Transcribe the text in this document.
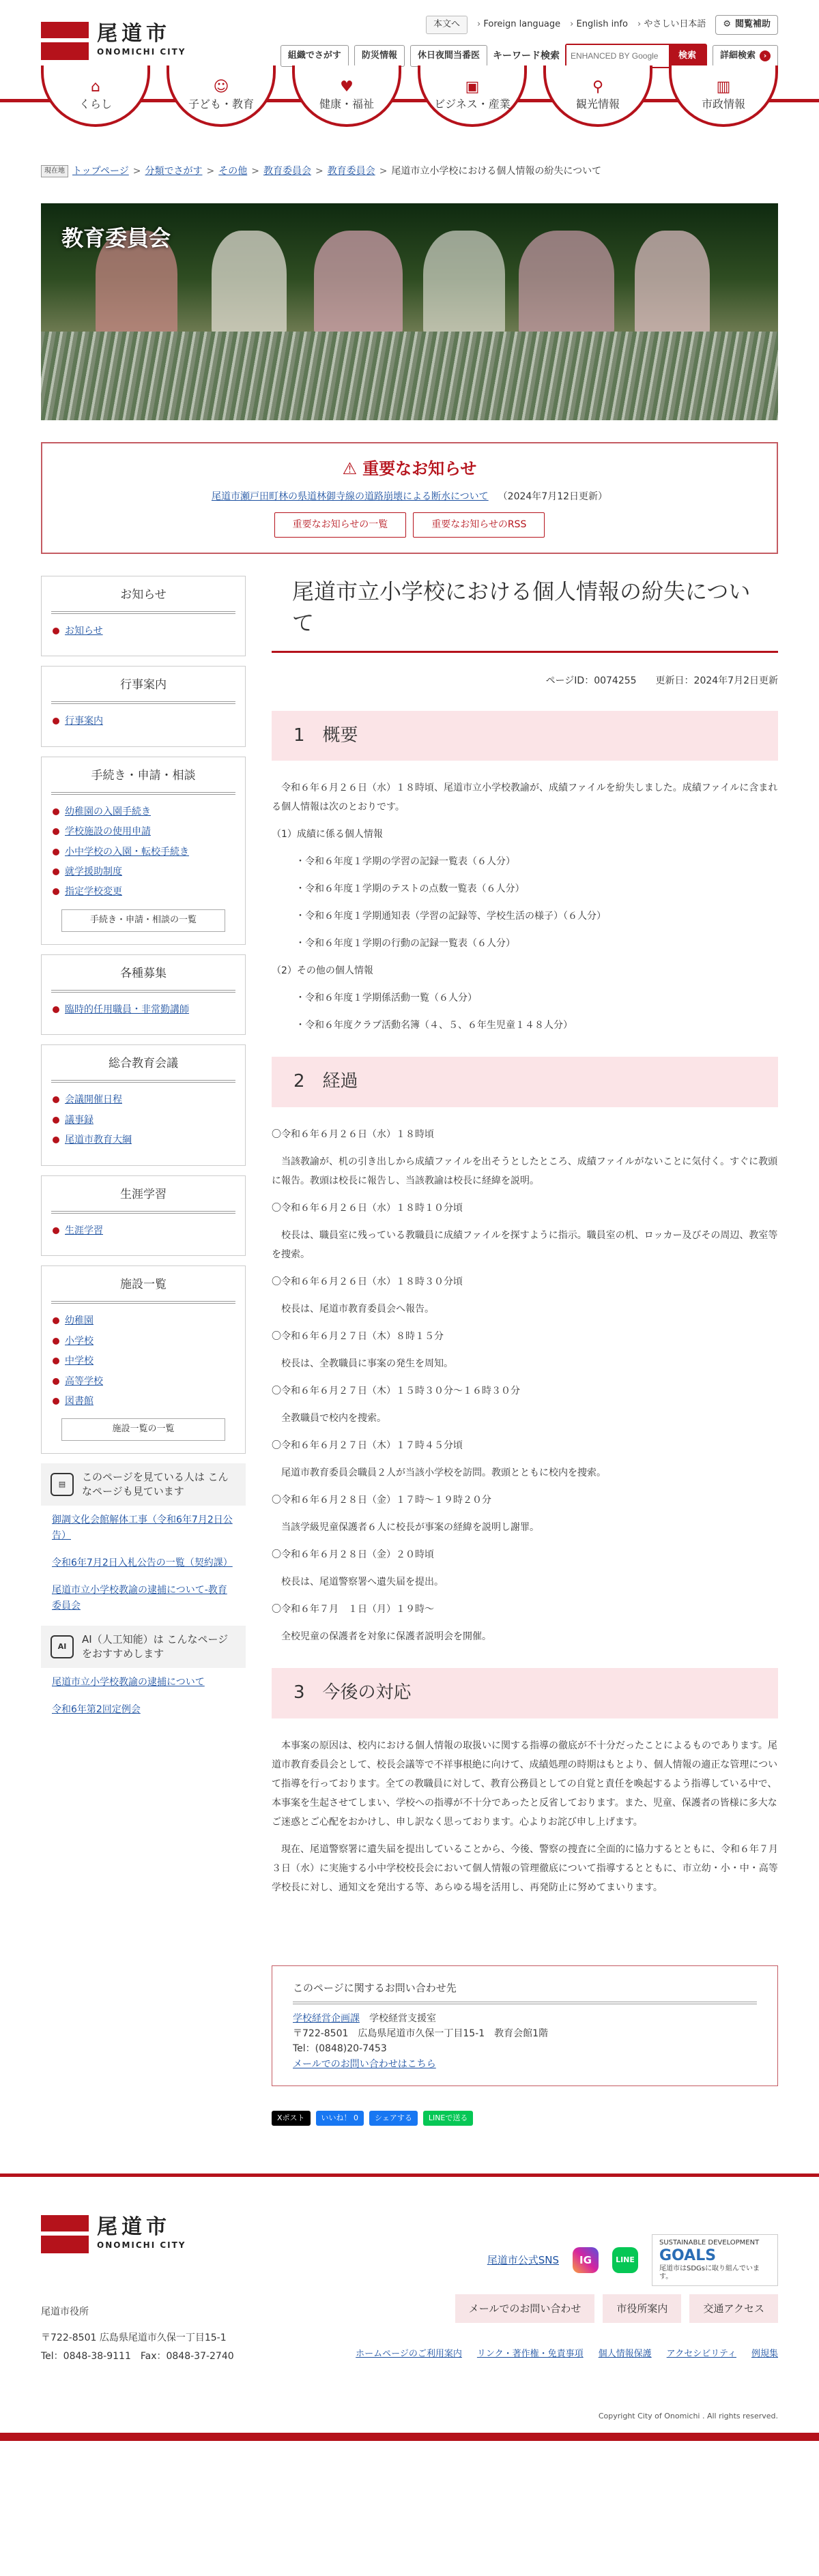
尾道市
ONOMICHI CITY
本文へ	› Foreign language	› English info	› やさしい日本語 ⚙ 閲覧補助
組織でさがす	防災情報	休日夜間当番医	キーワード検索
ENHANCED BY Google	検索	詳細検索	›
⌂
くらし
☺
子ども・教育
♥
健康・福祉
▣
ビジネス・産業
⚲
観光情報
▥
市政情報
現在地 トップページ > 分類でさがす > その他 > 教育委員会 > 教育委員会 > 尾道市立小学校における個人情報の紛失について
教育委員会
⚠ 重要なお知らせ
尾道市瀬戸田町林の県道林御寺線の道路崩壊による断水について （2024年7月12日更新）
重要なお知らせの一覧	重要なお知らせのRSS
お知らせ
お知らせ
行事案内
行事案内
手続き・申請・相談
幼稚園の入園手続き
学校施設の使用申請
小中学校の入園・転校手続き
就学援助制度
指定学校変更
手続き・申請・相談の一覧
各種募集
臨時的任用職員・非常勤講師
総合教育会議
会議開催日程
議事録
尾道市教育大綱
生涯学習
生涯学習
施設一覧
幼稚園
小学校
中学校
高等学校
図書館
施設一覧の一覧
▤
このページを見ている人は こんなページも見ています
御調文化会館解体工事（令和6年7月2日公告）
令和6年7月2日入札公告の一覧（契約課）
尾道市立小学校教諭の逮捕について-教育委員会
AI
AI（人工知能）は こんなページをおすすめします
尾道市立小学校教諭の逮捕について
令和6年第2回定例会
尾道市立小学校における個人情報の紛失について
ページID：0074255　　 更新日：2024年7月2日更新
1　概要

令和６年６月２６日（水）１８時頃、尾道市立小学校教諭が、成績ファイルを紛失しました。成績ファイルに含まれる個人情報は次のとおりです。

（1）成績に係る個人情報

・令和６年度１学期の学習の記録一覧表（６人分）

・令和６年度１学期のテストの点数一覧表（６人分）

・令和６年度１学期通知表（学習の記録等、学校生活の様子）（６人分）

・令和６年度１学期の行動の記録一覧表（６人分）

（2）その他の個人情報

・令和６年度１学期係活動一覧（６人分）

・令和６年度クラブ活動名簿（４、５、６年生児童１４８人分）

2　経過

〇令和６年６月２６日（水）１８時頃

当該教諭が、机の引き出しから成績ファイルを出そうとしたところ、成績ファイルがないことに気付く。すぐに教頭に報告。教頭は校長に報告し、当該教諭は校長に経緯を説明。

〇令和６年６月２６日（水）１８時１０分頃

校長は、職員室に残っている教職員に成績ファイルを探すように指示。職員室の机、ロッカー及びその周辺、教室等を捜索。

〇令和６年６月２６日（水）１８時３０分頃

校長は、尾道市教育委員会へ報告。

〇令和６年６月２７日（木）８時１５分

校長は、全教職員に事案の発生を周知。

〇令和６年６月２７日（木）１５時３０分～１６時３０分

全教職員で校内を捜索。

〇令和６年６月２７日（木）１７時４５分頃

尾道市教育委員会職員２人が当該小学校を訪問。教頭とともに校内を捜索。

〇令和６年６月２８日（金）１７時～１９時２０分

当該学級児童保護者６人に校長が事案の経緯を説明し謝罪。

〇令和６年６月２８日（金）２０時頃

校長は、尾道警察署へ遺失届を提出。

〇令和６年７月　１日（月）１９時～

全校児童の保護者を対象に保護者説明会を開催。

3　今後の対応

本事案の原因は、校内における個人情報の取扱いに関する指導の徹底が不十分だったことによるものであります。尾道市教育委員会として、校長会議等で不祥事根絶に向けて、成績処理の時期はもとより、個人情報の適正な管理について指導を行っております。全ての教職員に対して、教育公務員としての自覚と責任を喚起するよう指導している中で、本事案を生起させてしまい、学校への指導が不十分であったと反省しております。また、児童、保護者の皆様に多大なご迷惑とご心配をおかけし、申し訳なく思っております。心よりお詫び申し上げます。

現在、尾道警察署に遺失届を提出していることから、今後、警察の捜査に全面的に協力するとともに、令和６年７月３日（水）に実施する小中学校校長会において個人情報の管理徹底について指導するとともに、市立幼・小・中・高等学校長に対し、通知文を発出する等、あらゆる場を活用し、再発防止に努めてまいります。

このページに関するお問い合わせ先

学校経営企画課　 学校経営支援室

〒722-8501　広島県尾道市久保一丁目15-1　教育会館1階

Tel：(0848)20-7453

メールでのお問い合わせはこちら

Xポスト	いいね！ 0	シェアする	LINEで送る
尾道市
ONOMICHI CITY
尾道市公式SNS	IG	LINE
SUSTAINABLE DEVELOPMENT GOALS
尾道市はSDGsに取り組んでいます。
尾道市役所
〒722-8501 広島県尾道市久保一丁目15-1
Tel：0848-38-9111　Fax：0848-37-2740
メールでのお問い合わせ	市役所案内	交通アクセス
ホームページのご利用案内 リンク・著作権・免責事項 個人情報保護 アクセシビリティ 例規集
Copyright City of Onomichi . All rights reserved.
